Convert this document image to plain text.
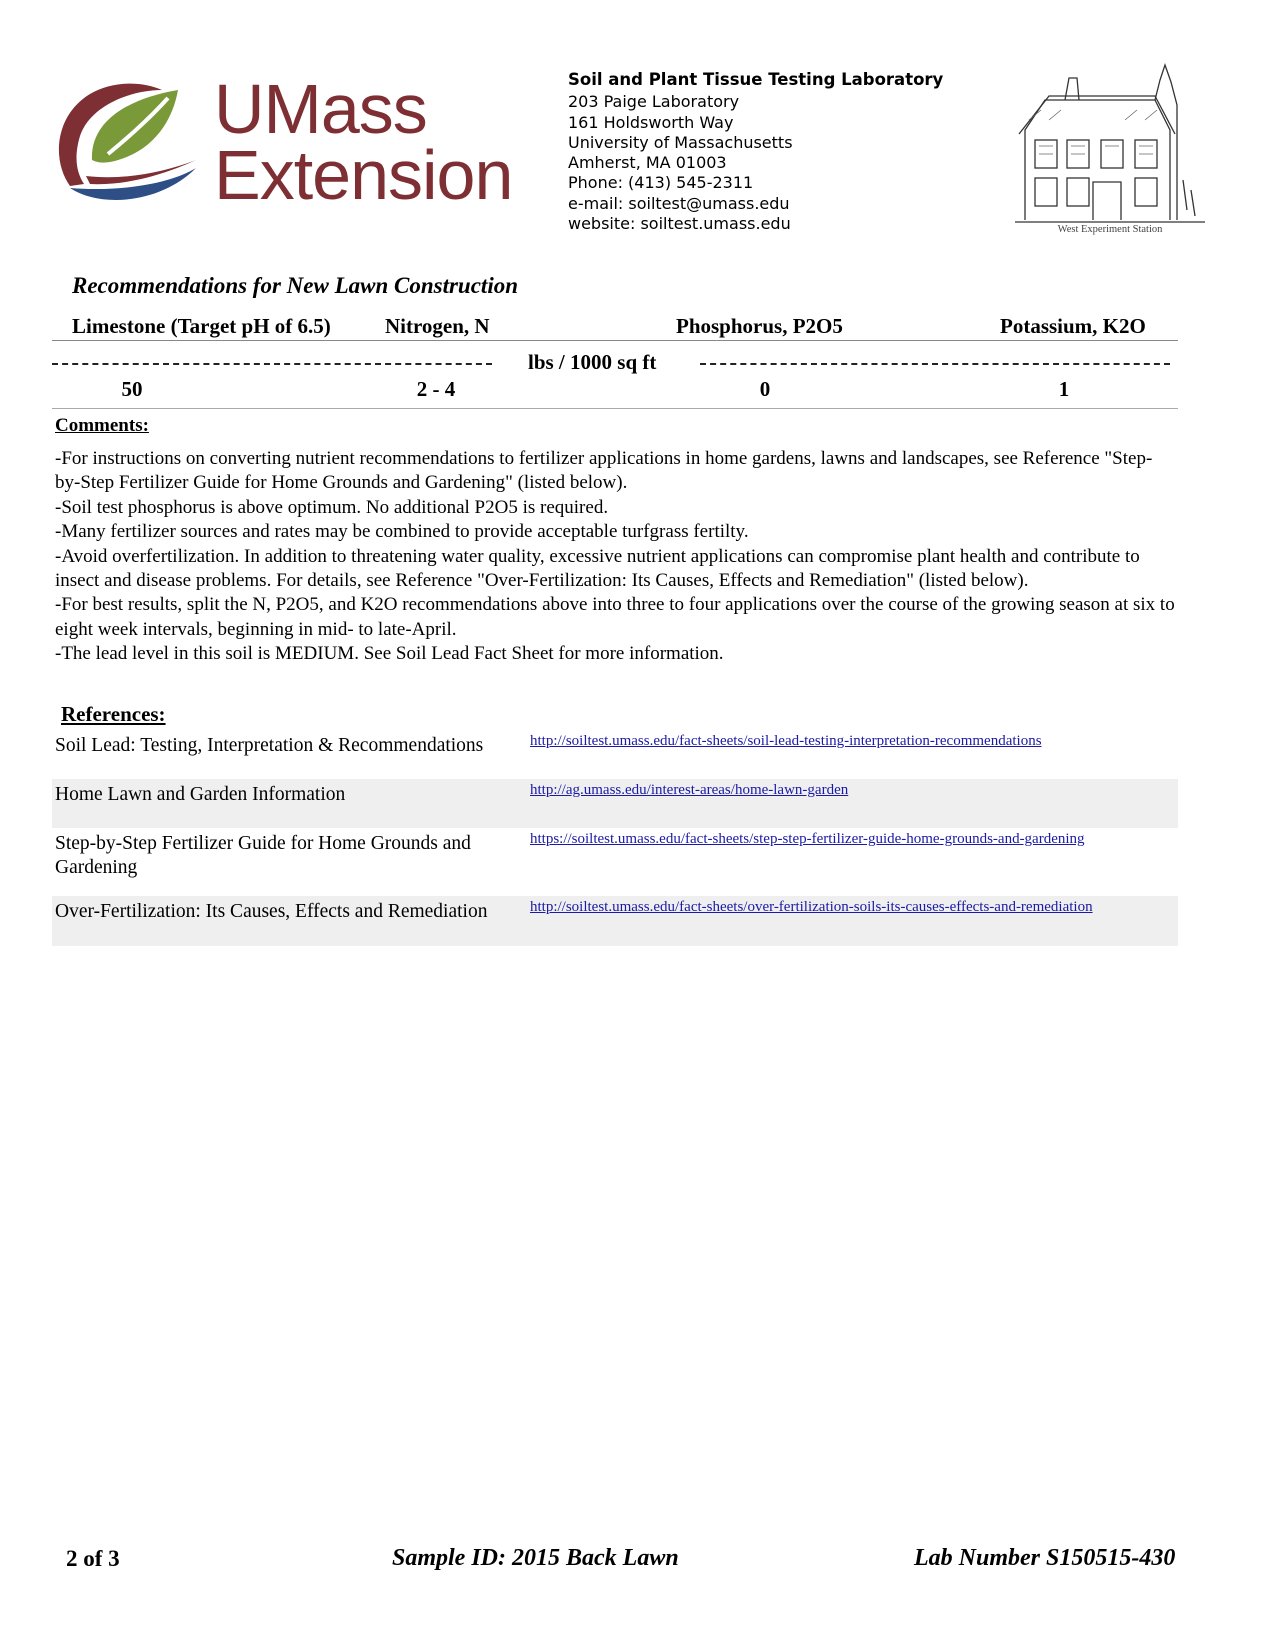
UMass
Extension
Soil and Plant Tissue Testing Laboratory
203 Paige Laboratory
161 Holdsworth Way
University of Massachusetts
Amherst, MA 01003
Phone: (413) 545-2311
e-mail: soiltest@umass.edu
website: soiltest.umass.edu	West Experiment Station
Recommendations for New Lawn Construction
Limestone (Target pH of 6.5)	Nitrogen, N	Phosphorus, P2O5	Potassium, K2O
lbs / 1000 sq ft
50	2 - 4	0	1
Comments:

-For instructions on converting nutrient recommendations to fertilizer applications in home gardens, lawns and landscapes, see Reference "Step-by-Step Fertilizer Guide for Home Grounds and Gardening" (listed below).

-Soil test phosphorus is above optimum. No additional P2O5 is required.

-Many fertilizer sources and rates may be combined to provide acceptable turfgrass fertilty.

-Avoid overfertilization. In addition to threatening water quality, excessive nutrient applications can compromise plant health and contribute to insect and disease problems. For details, see Reference "Over-Fertilization: Its Causes, Effects and Remediation" (listed below).

-For best results, split the N, P2O5, and K2O recommendations above into three to four applications over the course of the growing season at six to eight week intervals, beginning in mid- to late-April.

-The lead level in this soil is MEDIUM. See Soil Lead Fact Sheet for more information.

References:
Soil Lead: Testing, Interpretation & Recommendations	http://soiltest.umass.edu/fact-sheets/soil-lead-testing-interpretation-recommendations
Home Lawn and Garden Information	http://ag.umass.edu/interest-areas/home-lawn-garden
Step-by-Step Fertilizer Guide for Home Grounds and Gardening
https://soiltest.umass.edu/fact-sheets/step-step-fertilizer-guide-home-grounds-and-gardening
Over-Fertilization: Its Causes, Effects and Remediation	http://soiltest.umass.edu/fact-sheets/over-fertilization-soils-its-causes-effects-and-remediation
2 of 3	Sample ID: 2015 Back Lawn	Lab Number S150515-430
